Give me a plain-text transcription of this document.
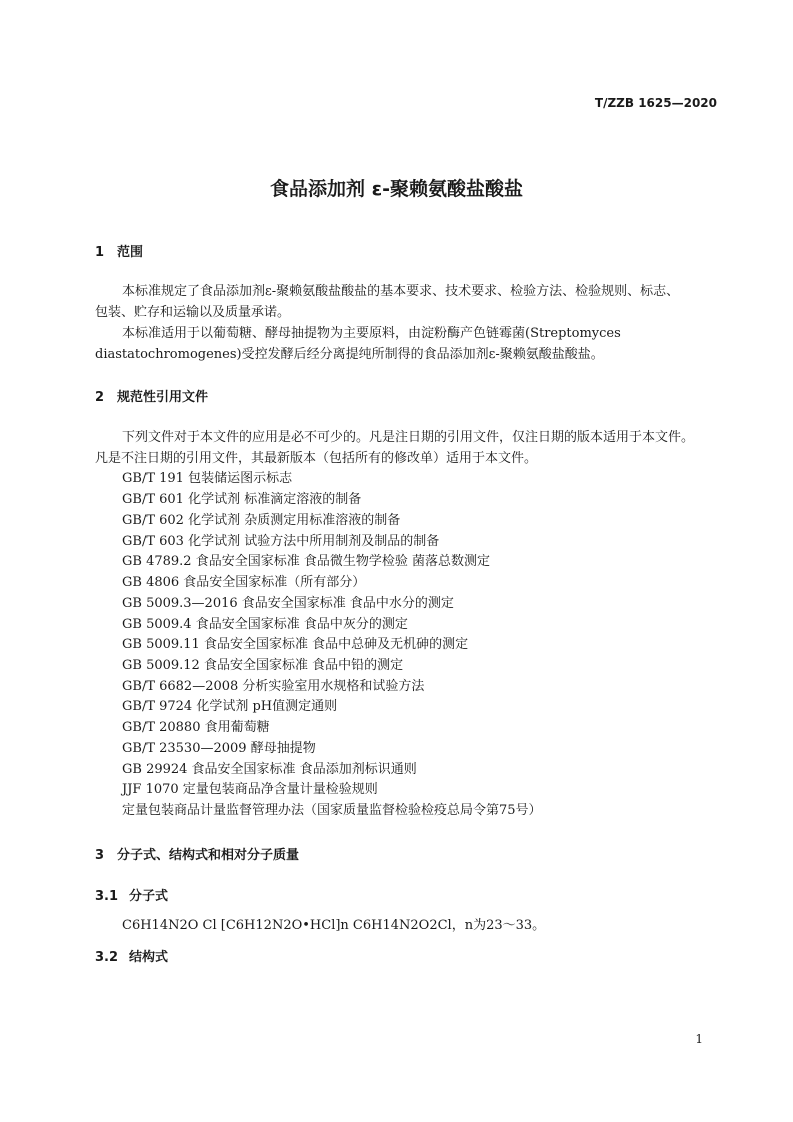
T/ZZB 1625—2020
食品添加剂 ε-聚赖氨酸盐酸盐
1 范围
本标准规定了食品添加剂ε-聚赖氨酸盐酸盐的基本要求、技术要求、检验方法、检验规则、标志、
包装、贮存和运输以及质量承诺。
本标准适用于以葡萄糖、酵母抽提物为主要原料，由淀粉酶产色链霉菌(Streptomyces
diastatochromogenes)受控发酵后经分离提纯所制得的食品添加剂ε-聚赖氨酸盐酸盐。
2 规范性引用文件
下列文件对于本文件的应用是必不可少的。凡是注日期的引用文件，仅注日期的版本适用于本文件。
凡是不注日期的引用文件，其最新版本（包括所有的修改单）适用于本文件。
GB/T 191 包装储运图示标志
GB/T 601 化学试剂 标准滴定溶液的制备
GB/T 602 化学试剂 杂质测定用标准溶液的制备
GB/T 603 化学试剂 试验方法中所用制剂及制品的制备
GB 4789.2 食品安全国家标准 食品微生物学检验 菌落总数测定
GB 4806 食品安全国家标准（所有部分）
GB 5009.3—2016 食品安全国家标准 食品中水分的测定
GB 5009.4 食品安全国家标准 食品中灰分的测定
GB 5009.11 食品安全国家标准 食品中总砷及无机砷的测定
GB 5009.12 食品安全国家标准 食品中铅的测定
GB/T 6682—2008 分析实验室用水规格和试验方法
GB/T 9724 化学试剂 pH值测定通则
GB/T 20880 食用葡萄糖
GB/T 23530—2009 酵母抽提物
GB 29924 食品安全国家标准 食品添加剂标识通则
JJF 1070 定量包装商品净含量计量检验规则
定量包装商品计量监督管理办法（国家质量监督检验检疫总局令第75号）
3 分子式、结构式和相对分子质量
3.1 分子式
C6H14N2O Cl [C6H12N2O•HCl]n C6H14N2O2Cl，n为23～33。
3.2 结构式
1
